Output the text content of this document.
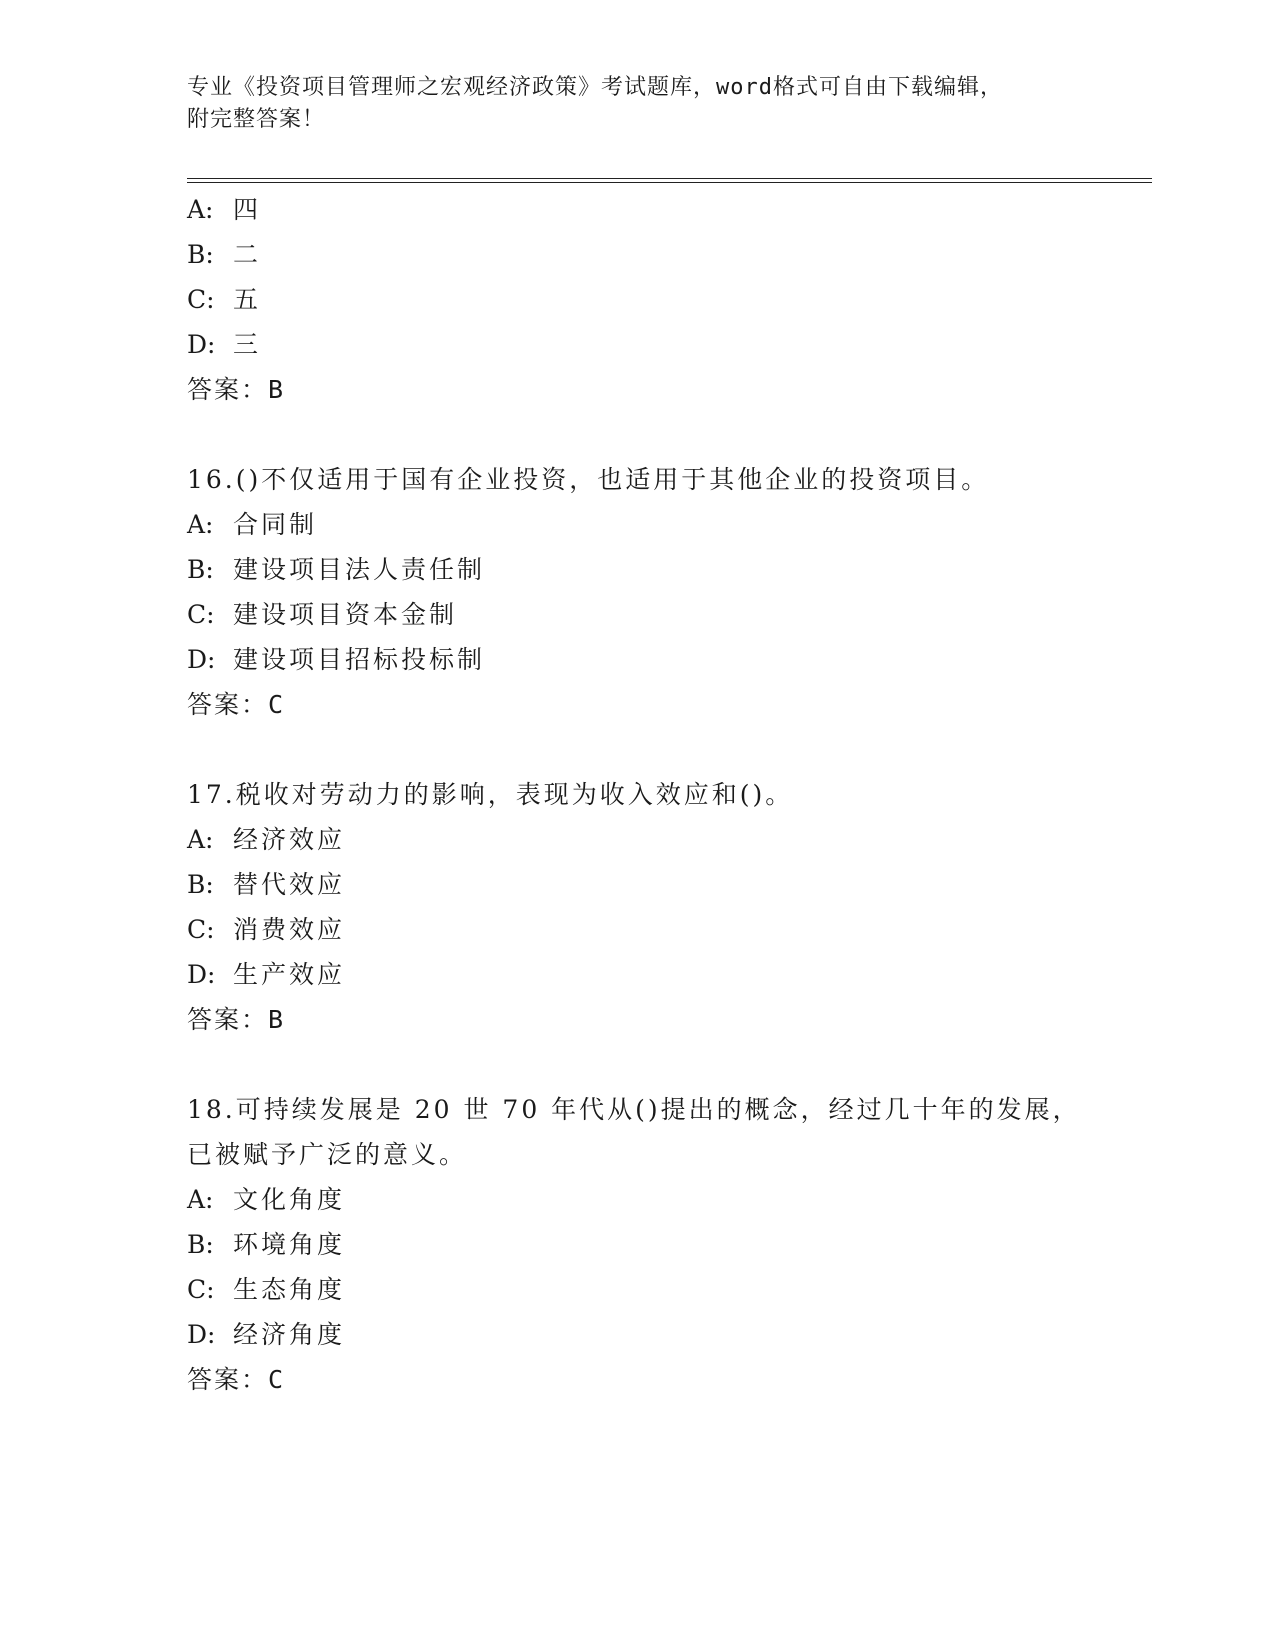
专业《投资项目管理师之宏观经济政策》考试题库，word格式可自由下载编辑，
附完整答案！
A: 四
B: 二
C: 五
D: 三
答案：B
16.()不仅适用于国有企业投资，也适用于其他企业的投资项目。
A: 合同制
B: 建设项目法人责任制
C: 建设项目资本金制
D: 建设项目招标投标制
答案：C
17.税收对劳动力的影响，表现为收入效应和()。
A: 经济效应
B: 替代效应
C: 消费效应
D: 生产效应
答案：B
18.可持续发展是 20 世 70 年代从()提出的概念，经过几十年的发展，
已被赋予广泛的意义。
A: 文化角度
B: 环境角度
C: 生态角度
D: 经济角度
答案：C
